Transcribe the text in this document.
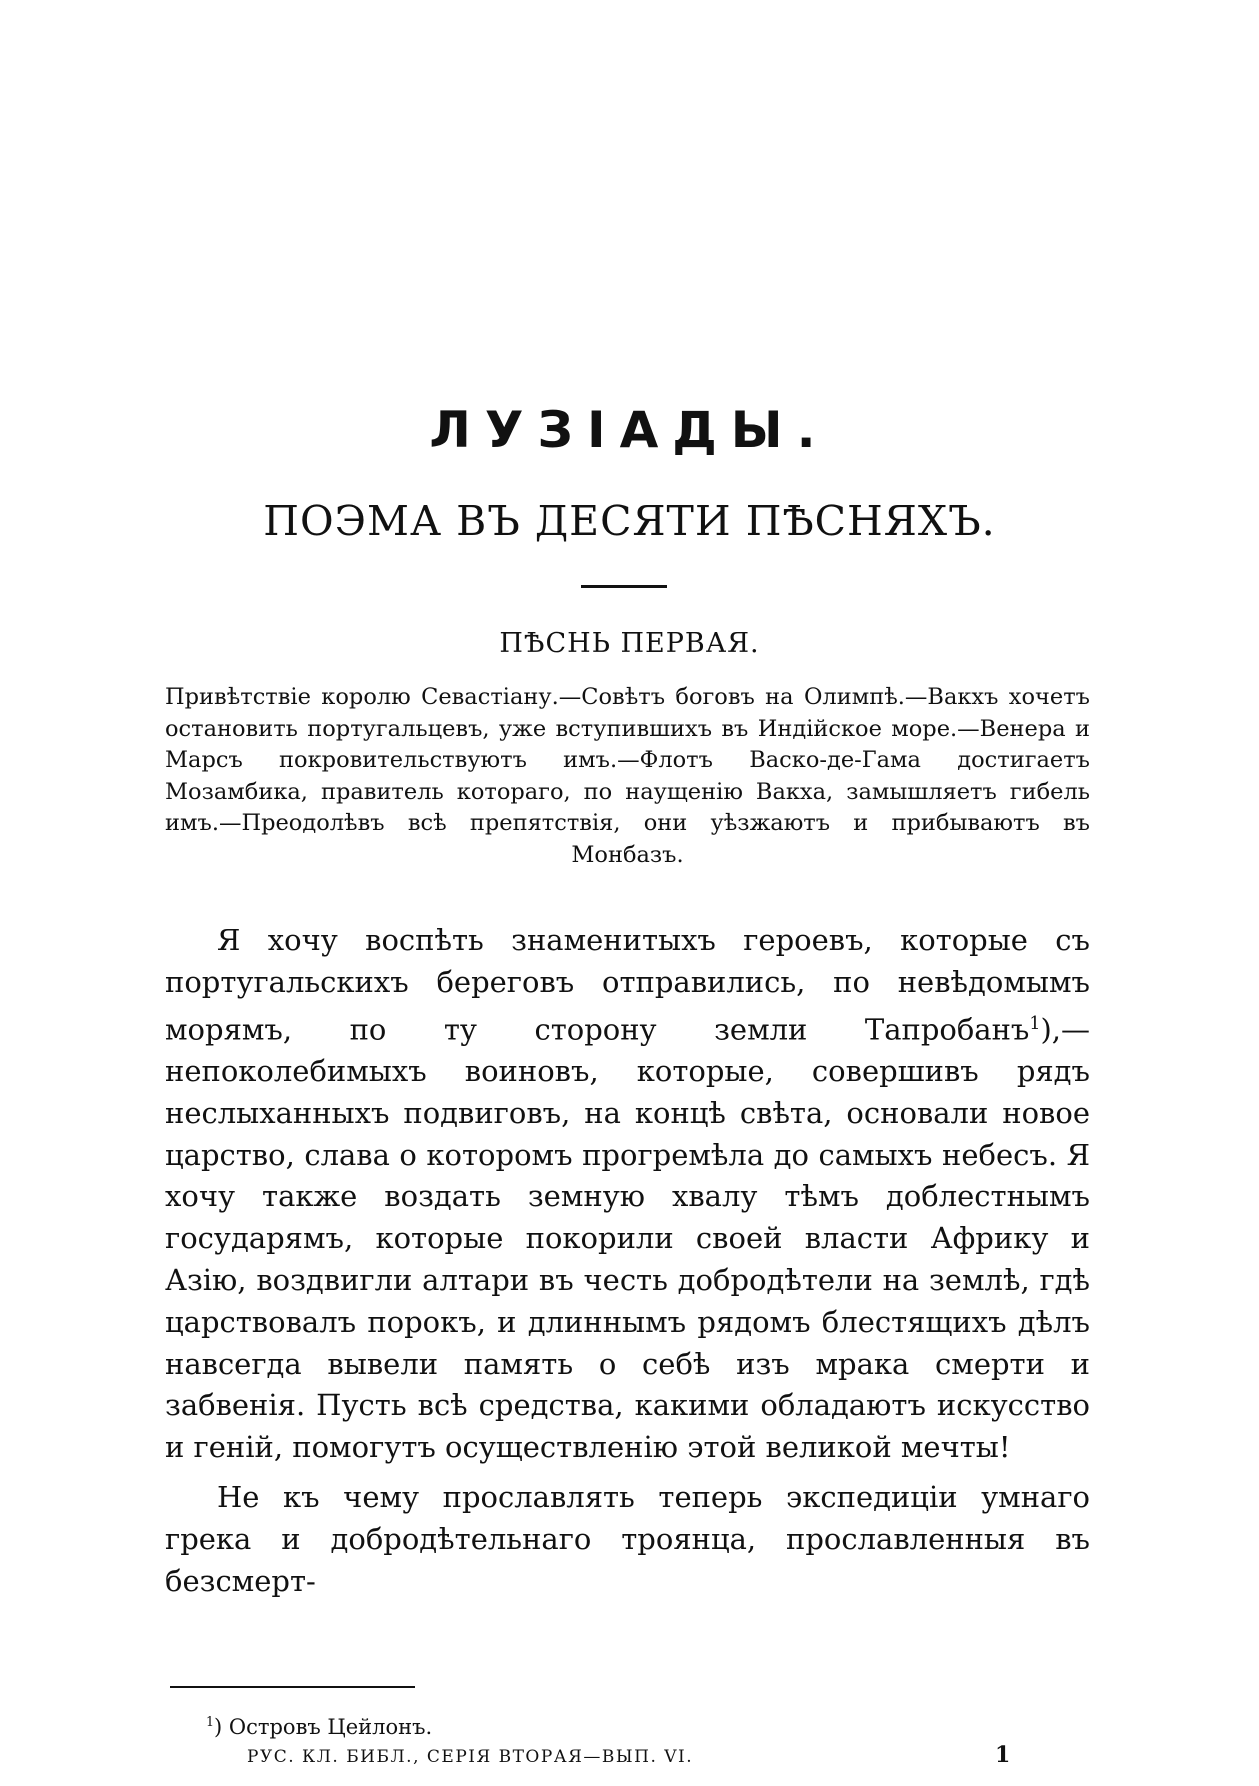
ЛУЗІАДЫ.
ПОЭМА ВЪ ДЕСЯТИ ПѢСНЯХЪ.
ПѢСНЬ ПЕРВАЯ.
Привѣтствіе королю Севастіану.—Совѣтъ боговъ на Олимпѣ.—Вакхъ хочетъ остановить португальцевъ, уже вступившихъ въ Индійское море.—Венера и Марсъ покровительствуютъ имъ.—Флотъ Васко-де-Гама достигаетъ Мозамбика, правитель котораго, по наущенію Вакха, замышляетъ гибель имъ.—Преодолѣвъ всѣ препятствія, они уѣзжаютъ и прибываютъ въ Монбазъ.

Я хочу воспѣть знаменитыхъ героевъ, которые съ португальскихъ береговъ отправились, по невѣдомымъ морямъ, по ту сторону земли Тапробанъ$^1$),—непоколебимыхъ воиновъ, которые, совершивъ рядъ неслыханныхъ подвиговъ, на концѣ свѣта, основали новое царство, слава о которомъ прогремѣла до самыхъ небесъ. Я хочу также воздать земную хвалу тѣмъ доблестнымъ государямъ, которые покорили своей власти Африку и Азію, воздвигли алтари въ честь добродѣтели на землѣ, гдѣ царствовалъ порокъ, и длиннымъ рядомъ блестящихъ дѣлъ навсегда вывели память о себѣ изъ мрака смерти и забвенія. Пусть всѣ средства, какими обладаютъ искусство и геній, помогутъ осуществленію этой великой мечты!

Не къ чему прославлять теперь экспедиціи умнаго грека и добродѣтельнаго троянца, прославленныя въ безсмерт-

$^1$) Островъ Цейлонъ.
РУС. КЛ. БИБЛ., СЕРІЯ ВТОРАЯ—ВЫП. VI.	1
